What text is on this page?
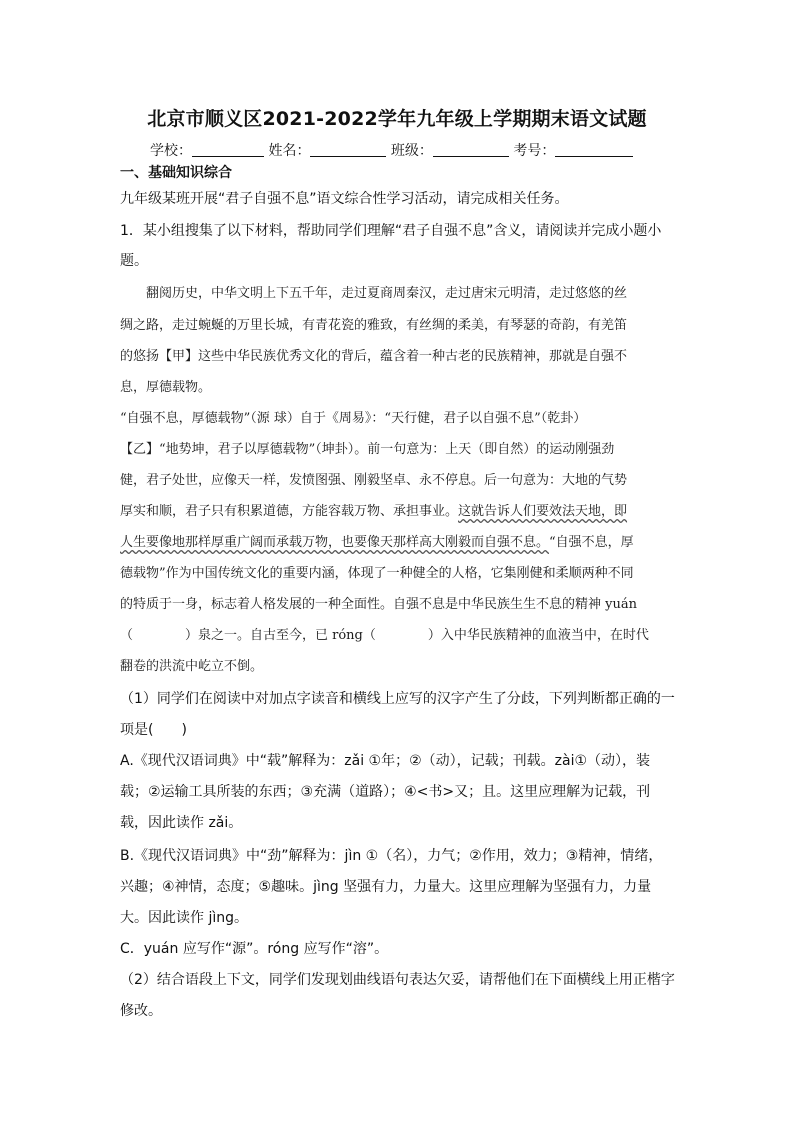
北京市顺义区2021-2022学年九年级上学期期末语文试题
学校：	姓名：	班级：	考号：
一、基础知识综合
九年级某班开展“君子自强不息”语文综合性学习活动，请完成相关任务。
1．某小组搜集了以下材料，帮助同学们理解“君子自强不息”含义，请阅读并完成小题小
题。
翻阅历史，中华文明上下五千年，走过夏商周秦汉，走过唐宋元明清，走过悠悠的丝
绸之路，走过蜿蜒的万里长城，有青花瓷的雅致，有丝绸的柔美，有琴瑟的奇韵，有羌笛
的悠扬【甲】这些中华民族优秀文化的背后，蕴含着一种古老的民族精神，那就是自强不
息，厚德载物。
“自强不息，厚德载物”（源 球）自于《周易》：“天行健，君子以自强不息”（乾卦）
【乙】“地势坤，君子以厚德载物”（坤卦）。前一句意为：上天（即自然）的运动刚强劲
健，君子处世，应像天一样，发愤图强、刚毅坚卓、永不停息。后一句意为：大地的气势
厚实和顺，君子只有积累道德，方能容载万物、承担事业。这就告诉人们要效法天地，即
人生要像地那样厚重广阔而承载万物，也要像天那样高大刚毅而自强不息。“自强不息，厚
德载物”作为中国传统文化的重要内涵，体现了一种健全的人格，它集刚健和柔顺两种不同
的特质于一身，标志着人格发展的一种全面性。自强不息是中华民族生生不息的精神 yuán
（　　　　）泉之一。自古至今，已 róng（　　　　）入中华民族精神的血液当中，在时代
翻卷的洪流中屹立不倒。
（1）同学们在阅读中对加点字读音和横线上应写的汉字产生了分歧，下列判断都正确的一
项是(　　)
A.《现代汉语词典》中“载”解释为：zǎi ①年；②（动），记载；刊载。zài①（动），装
载；②运输工具所装的东西；③充满（道路）；④<书>又；且。这里应理解为记载，刊
载，因此读作 zǎi。
B.《现代汉语词典》中“劲”解释为：jìn ①（名），力气；②作用，效力；③精神，情绪，
兴趣；④神情，态度；⑤趣味。jìng 坚强有力，力量大。这里应理解为坚强有力，力量
大。因此读作 jìng。
C．yuán 应写作“源”。róng 应写作“溶”。
（2）结合语段上下文，同学们发现划曲线语句表达欠妥，请帮他们在下面横线上用正楷字
修改。
